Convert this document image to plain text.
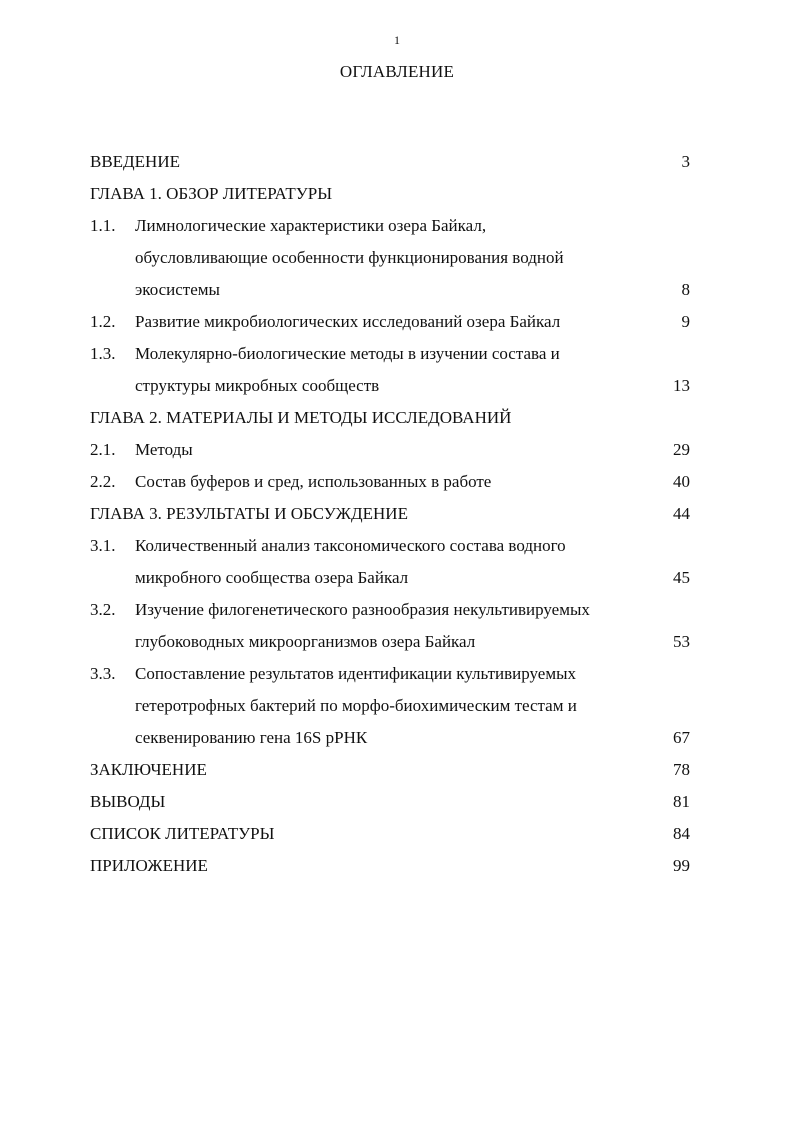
1
ОГЛАВЛЕНИЕ
ВВЕДЕНИЕ	3
ГЛАВА 1. ОБЗОР ЛИТЕРАТУРЫ
1.1.	Лимнологические характеристики озера Байкал,
обусловливающие особенности функционирования водной
экосистемы	8
1.2.	Развитие микробиологических исследований озера Байкал	9
1.3.	Молекулярно-биологические методы в изучении состава и
структуры микробных сообществ	13
ГЛАВА 2. МАТЕРИАЛЫ И МЕТОДЫ ИССЛЕДОВАНИЙ
2.1.	Методы	29
2.2.	Состав буферов и сред, использованных в работе	40
ГЛАВА 3. РЕЗУЛЬТАТЫ И ОБСУЖДЕНИЕ	44
3.1.	Количественный анализ таксономического состава водного
микробного сообщества озера Байкал	45
3.2.	Изучение филогенетического разнообразия некультивируемых
глубоководных микроорганизмов озера Байкал	53
3.3.	Сопоставление результатов идентификации культивируемых
гетеротрофных бактерий по морфо-биохимическим тестам и
секвенированию гена 16S рРНК	67
ЗАКЛЮЧЕНИЕ	78
ВЫВОДЫ	81
СПИСОК ЛИТЕРАТУРЫ	84
ПРИЛОЖЕНИЕ	99
